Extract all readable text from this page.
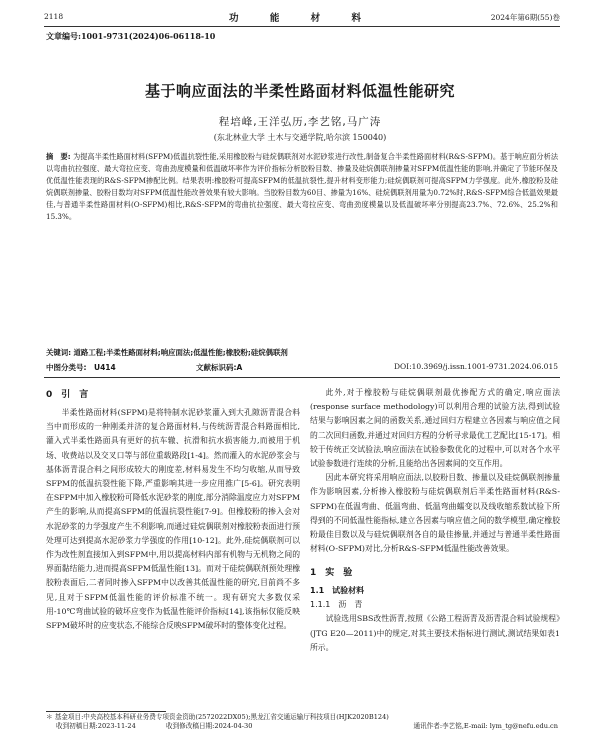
2118	功 能 材 料	2024年第6期(55)卷
文章编号:1001-9731(2024)06-06118-10
基于响应面法的半柔性路面材料低温性能研究
程培峰,王洋弘历,李艺铭,马广涛
(东北林业大学 土木与交通学院,哈尔滨 150040)
摘　要: 为提高半柔性路面材料(SFPM)低温抗裂性能,采用橡胶粉与硅烷偶联剂对水泥砂浆进行改性,制备复合半柔性路面材料(R&S-SFPM)。基于响应面分析法以弯曲抗拉强度、最大弯拉应变、弯曲劲度模量和低温破坏率作为评价指标分析胶粉目数、掺量及硅烷偶联剂掺量对SFPM低温性能的影响,并确定了节能环保及优低温性能表现的R&S-SFPM掺配比例。结果表明:橡胶粉可提高SFPM的低温抗裂性,提升材料变形能力;硅烷偶联剂可提高SFPM力学强度。此外,橡胶粉及硅烷偶联剂掺量、胶粉目数均对SFPM低温性能改善效果有较大影响。当胶粉目数为60目、掺量为16%、硅烷偶联剂用量为0.72%时,R&S-SFPM综合低温效果最佳,与普通半柔性路面材料(O-SFPM)相比,R&S-SFPM的弯曲抗拉强度、最大弯拉应变、弯曲劲度模量以及低温破坏率分别提高23.7%、72.6%、25.2%和15.3%。
关键词: 道路工程;半柔性路面材料;响应面法;低温性能;橡胶粉;硅烷偶联剂
中图分类号:　U414	文献标识码:A	DOI:10.3969/j.issn.1001-9731.2024.06.015
0　引　言

半柔性路面材料(SFPM)是将特制水泥砂浆灌入到大孔隙沥青混合料当中而形成的一种刚柔并济的复合路面材料,与传统沥青混合料路面相比,灌入式半柔性路面具有更好的抗车辙、抗滑和抗水损害能力,而被用于机场、收费站以及交叉口等与部位重载路段[1-4]。然而灌入的水泥砂浆会与基体沥青混合料之间形成较大的刚度差,材料易发生不均匀收缩,从而导致SFPM的低温抗裂性能下降,严重影响其进一步应用推广[5-6]。研究表明在SFPM中加入橡胶粉可降低水泥砂浆的刚度,部分消除温度应力对SFPM产生的影响,从而提高SFPM的低温抗裂性能[7-9]。但橡胶粉的掺入会对水泥砂浆的力学强度产生不利影响,而通过硅烷偶联剂对橡胶粉表面进行预处理可达到提高水泥砂浆力学强度的作用[10-12]。此外,硅烷偶联剂可以作为改性剂直接加入到SFPM中,用以提高材料内部有机物与无机物之间的界面黏结能力,进而提高SFPM低温性能[13]。而对于硅烷偶联剂预处理橡胶粉表面后,二者同时掺入SFPM中以改善其低温性能的研究,目前尚不多见,且对于SFPM低温性能的评价标准不统一。现有研究大多数仅采用-10℃弯曲试验的破坏应变作为低温性能评价指标[14],该指标仅能反映SFPM破坏时的应变状态,不能综合反映SFPM破坏时的整体变化过程。

此外,对于橡胶粉与硅烷偶联剂最优掺配方式的确定,响应面法(response surface methodology)可以利用合理的试验方法,得到试验结果与影响因素之间的函数关系,通过回归方程建立各因素与响应值之间的二次回归函数,并通过对回归方程的分析寻求最优工艺配比[15-17]。相较于传统正交试验法,响应面法在试验参数优化的过程中,可以对各个水平试验参数进行连续的分析,且能给出各因素间的交互作用。

因此本研究将采用响应面法,以胶粉目数、掺量以及硅烷偶联剂掺量作为影响因素,分析掺入橡胶粉与硅烷偶联剂后半柔性路面材料(R&S-SFPM)在低温弯曲、低温弯曲、低温弯曲蠕变以及线收缩系数试验下所得到的不同低温性能指标,建立各因素与响应值之间的数学模型,确定橡胶粉最佳目数以及与硅烷偶联剂各自的最佳掺量,并通过与普通半柔性路面材料(O-SFPM)对比,分析R&S-SFPM低温性能改善效果。

1　实　验
1.1　试验材料
1.1.1　沥　青

试验选用SBS改性沥青,按照《公路工程沥青及沥青混合料试验规程》(JTG E20—2011)中的规定,对其主要技术指标进行测试,测试结果如表1所示。

＊ 基金项目:中央高校基本科研业务费专项资金资助(2572022DX05);黑龙江省交通运输厅科技项目(HJK2020B124)
收到初稿日期:2023-11-24	收到修改稿日期:2024-04-30	通讯作者:李艺铭,E-mail: lym_tg@nefu.edu.cn
